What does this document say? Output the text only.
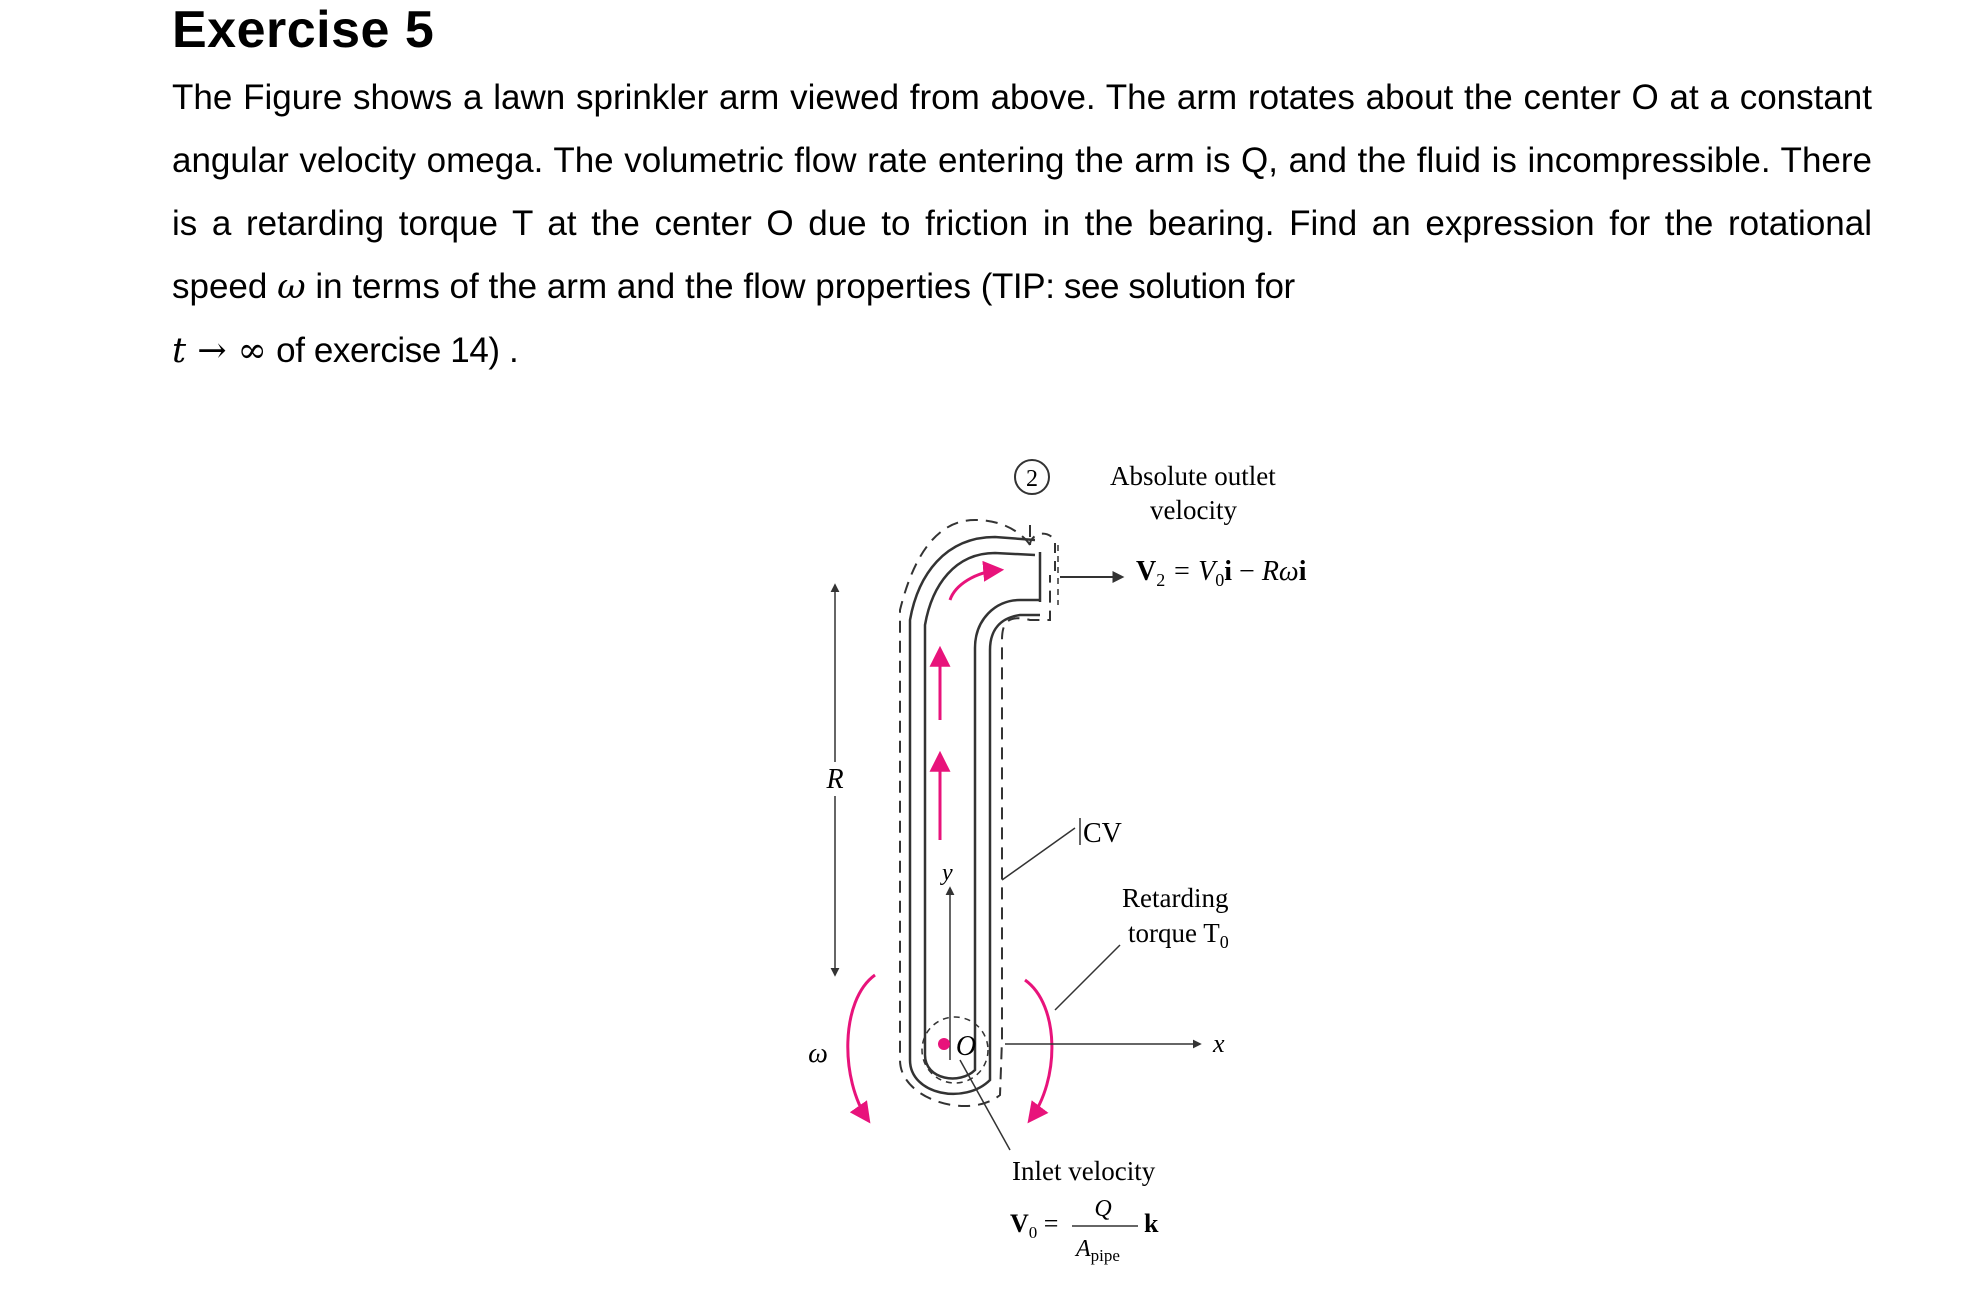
Exercise 5
The Figure shows a lawn sprinkler arm viewed from above. The arm rotates about the center O at a constant angular velocity omega. The volumetric flow rate entering the arm is Q, and the fluid is incompressible. There is a retarding torque T at the center O due to friction in the bearing. Find an expression for the rotational speed ω in terms of the arm and the flow properties (TIP: see solution for
t → ∞ of exercise 14) .
2	Absolute outlet
velocity
$V_2 = V_0i - R\omega i$
R
CV
y
Retarding
torque $T_0$
ω	O	x
Inlet velocity
$V_0 = Q$
$A_{pipe}$
k
